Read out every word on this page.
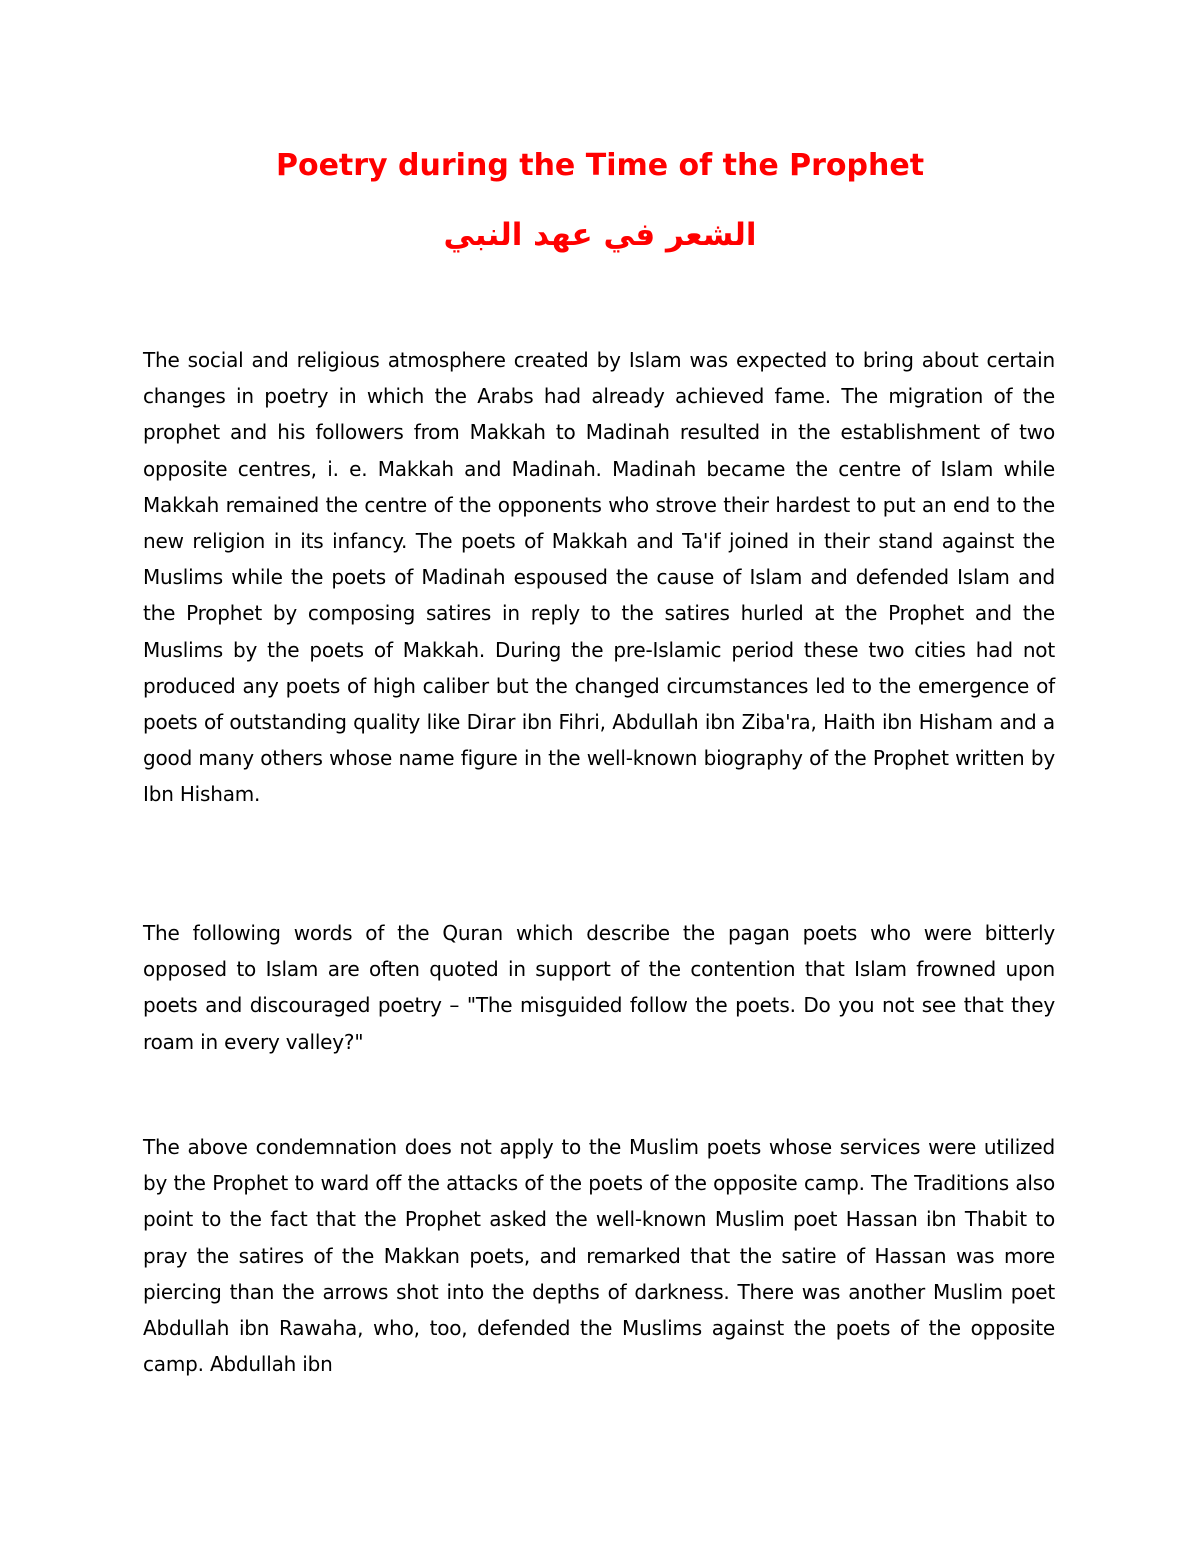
Poetry during the Time of the Prophet
الشعر في عهد النبي

The social and religious atmosphere created by Islam was expected to bring about certain changes in poetry in which the Arabs had already achieved fame. The migration of the prophet and his followers from Makkah to Madinah resulted in the establishment of two opposite centres, i. e. Makkah and Madinah. Madinah became the centre of Islam while Makkah remained the centre of the opponents who strove their hardest to put an end to the new religion in its infancy. The poets of Makkah and Ta'if joined in their stand against the Muslims while the poets of Madinah espoused the cause of Islam and defended Islam and the Prophet by composing satires in reply to the satires hurled at the Prophet and the Muslims by the poets of Makkah. During the pre-Islamic period these two cities had not produced any poets of high caliber but the changed circumstances led to the emergence of poets of outstanding quality like Dirar ibn Fihri, Abdullah ibn Ziba'ra, Haith ibn Hisham and a good many others whose name figure in the well-known biography of the Prophet written by Ibn Hisham.

The following words of the Quran which describe the pagan poets who were bitterly opposed to Islam are often quoted in support of the contention that Islam frowned upon poets and discouraged poetry – "The misguided follow the poets. Do you not see that they roam in every valley?"

The above condemnation does not apply to the Muslim poets whose services were utilized by the Prophet to ward off the attacks of the poets of the opposite camp. The Traditions also point to the fact that the Prophet asked the well-known Muslim poet Hassan ibn Thabit to pray the satires of the Makkan poets, and remarked that the satire of Hassan was more piercing than the arrows shot into the depths of darkness. There was another Muslim poet Abdullah ibn Rawaha, who, too, defended the Muslims against the poets of the opposite camp. Abdullah ibn
